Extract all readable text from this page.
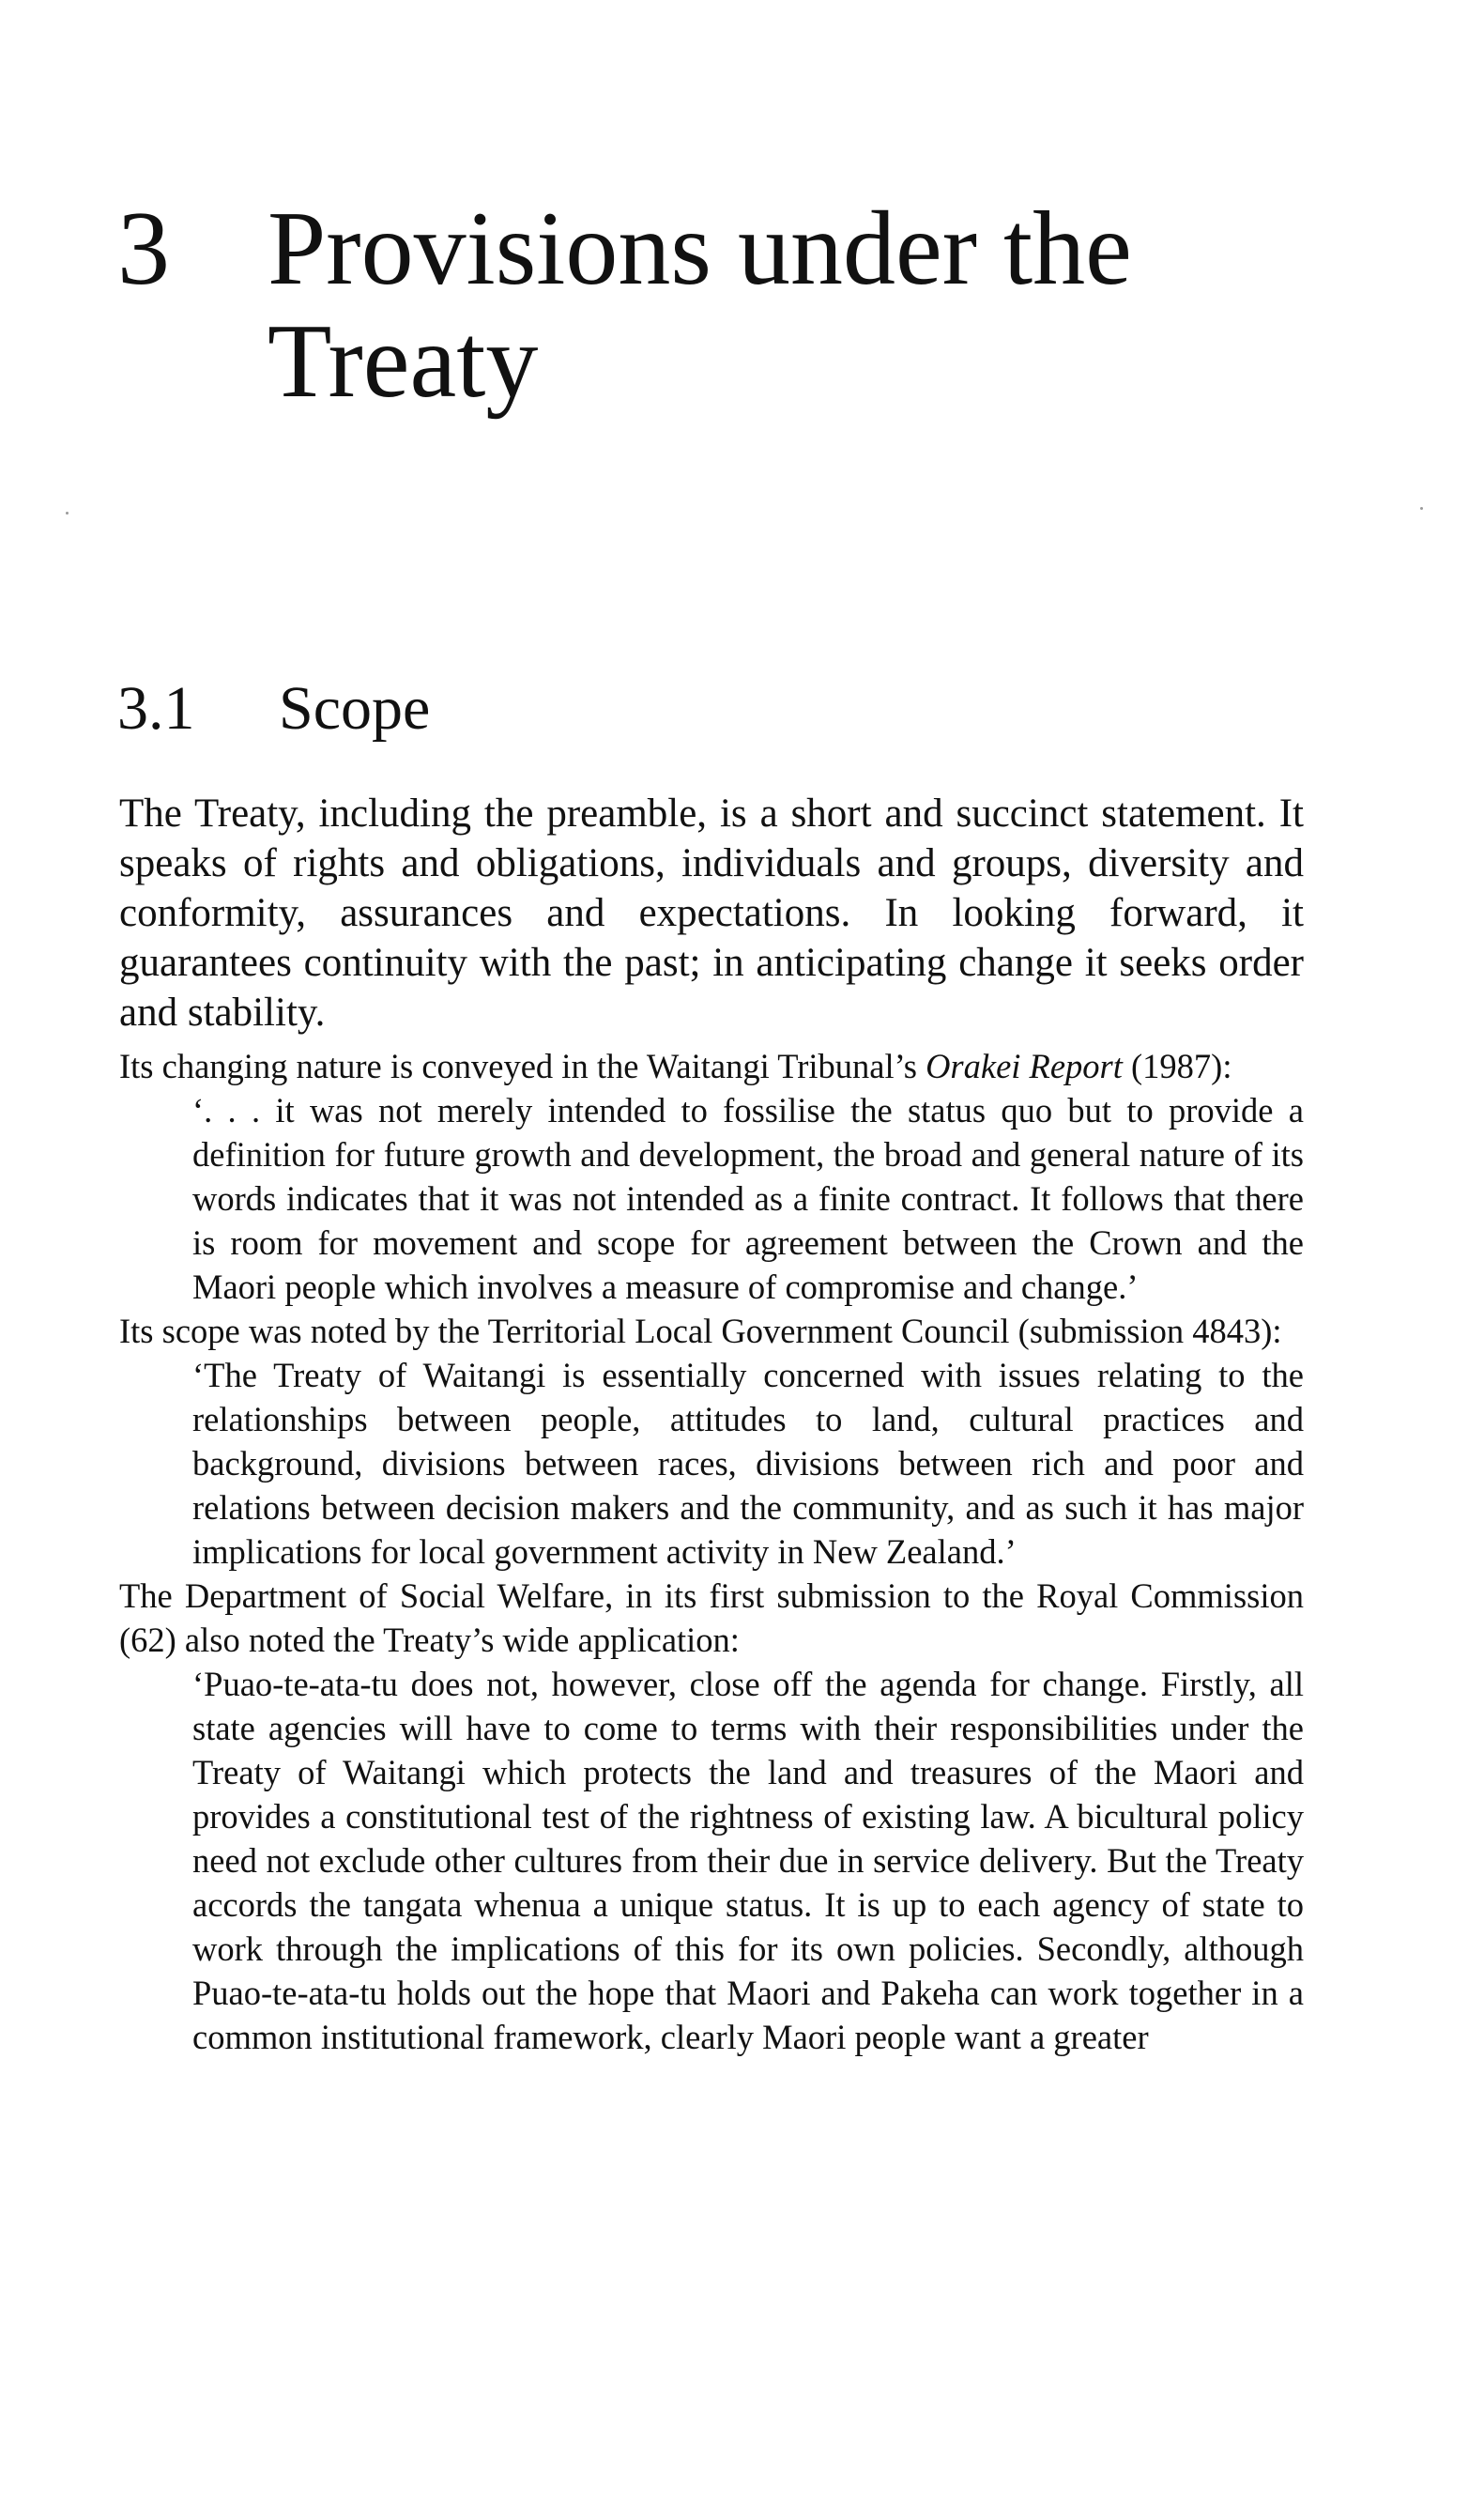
3 Provisions under the Treaty
3.1	Scope

The Treaty, including the preamble, is a short and succinct statement. It speaks of rights and obligations, individuals and groups, diversity and conformity, assurances and expectations. In looking forward, it guarantees continuity with the past; in anticipating change it seeks order and stability.

Its changing nature is conveyed in the Waitangi Tribunal’s Orakei Report (1987):

‘. . . it was not merely intended to fossilise the status quo but to provide a definition for future growth and development, the broad and general nature of its words indicates that it was not intended as a finite contract. It follows that there is room for movement and scope for agreement between the Crown and the Maori people which involves a measure of compromise and change.’

Its scope was noted by the Territorial Local Government Council (submission 4843):

‘The Treaty of Waitangi is essentially concerned with issues relating to the relationships between people, attitudes to land, cultural practices and background, divisions between races, divisions between rich and poor and relations between decision makers and the community, and as such it has major implications for local government activity in New Zealand.’

The Department of Social Welfare, in its first submission to the Royal Commission (62) also noted the Treaty’s wide application:

‘Puao-te-ata-tu does not, however, close off the agenda for change. Firstly, all state agencies will have to come to terms with their responsibilities under the Treaty of Waitangi which protects the land and treasures of the Maori and provides a constitutional test of the rightness of existing law. A bicultural policy need not exclude other cultures from their due in service delivery. But the Treaty accords the tangata whenua a unique status. It is up to each agency of state to work through the implications of this for its own policies. Secondly, although Puao-te-ata-tu holds out the hope that Maori and Pakeha can work together in a common institutional framework, clearly Maori people want a greater
